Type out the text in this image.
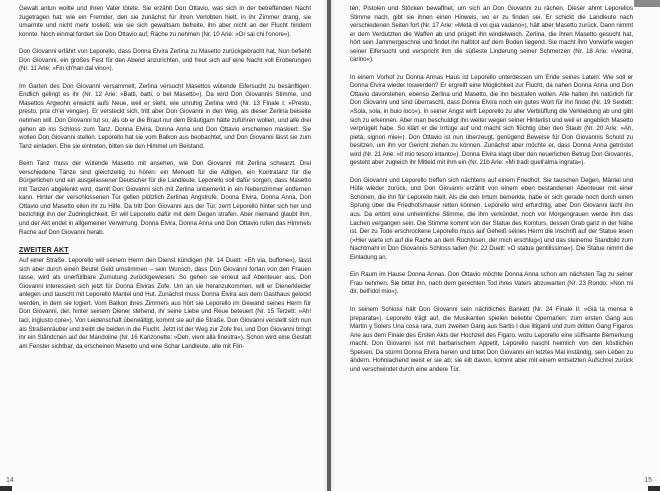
Gewalt antun wollte und ihren Vater tötete. Sie erzählt Don Ottavio, was sich in der betreffenden Nacht zugetragen hat: wie ein Fremder, den sie zunächst für ihren Verlobten hielt, in ihr Zimmer drang, sie umarmte und nicht mehr losließ; wie sie sich gewaltsam befreite, ihn aber nicht an der Flucht hindern konnte. Noch einmal fordert sie Don Ottavio auf, Rache zu nehmen (Nr. 10 Arie: »Or sai chi l'onore«).

Don Giovanni erfährt von Leporello, dass Donna Elvira Zerlina zu Masetto zurückgebracht hat. Nun befiehlt Don Giovanni, ein großes Fest für den Abend anzurichten, und freut sich auf eine Nacht voll Eroberungen (Nr. 11 Arie: »Fin ch'han dal vino«).

Im Garten des Don Giovanni versammelt; Zerlina versucht Masettos wütende Eifersucht zu besänftigen. Endlich gelingt es ihr (Nr. 12 Arie: »Batti, batti, o bel Masetto«). Da wird Don Giovannis Stimme, und Masettos Argwohn erwacht aufs Neue, weil er sieht, wie unruhig Zerlina wird (Nr. 13 Finale I: »Presto, presto, pria ch'ei venga«). Er versteckt sich, tritt aber Don Giovanni in den Weg, als dieser Zerlina beiseite nehmen will. Don Giovanni tut so, als ob er die Braut nur dem Bräutigam hätte zuführen wollen, und alle drei gehen ab ins Schloss zum Tanz. Donna Elvira, Donna Anna und Don Ottavio erscheinen maskiert. Sie wollen Don Giovanni stellen. Leporello hat sie vom Balkon aus beobachtet, und Don Giovanni lässt sie zum Tanz einladen. Ehe sie eintreten, bitten sie den Himmel um Beistand.

Beim Tanz muss der wütende Masetto mit ansehen, wie Don Giovanni mit Zerlina schwarzt. Drei verschiedene Tänze sind gleichzeitig zu hören: ein Menuett für die Adligen, ein Kontratanz für die Bürgerlichen und ein ausgelassener Deutscher für die Landleute. Leporello soll dafür sorgen, dass Masetto mit Tanzen abgelenkt wird, damit Don Giovanni sich mit Zerlina unbemerkt in ein Nebenzimmer entfernen kann. Hinter der verschlossenen Tür gellen plötzlich Zerlinas Angstrufe. Donna Elvira, Donna Anna, Don Ottavio und Masetto eilen ihr zu Hilfe. Da tritt Don Giovanni aus der Tür, zerrt Leporello hinter sich her und bezichtigt ihn der Zudringlichkeit. Er will Leporello dafür mit dem Degen strafen. Aber niemand glaubt ihm, und der Akt endet in allgemeiner Verwirrung. Donna Elvira, Donna Anna und Don Ottavio rufen das Himmels Rache auf Don Giovanni herab.

ZWEITER AKT

Auf einer Straße. Leporello will seinem Herrn den Dienst kündigen (Nr. 14 Duett: »Eh via, buffone«), lässt sich aber durch einen Beutel Geld umstimmen – sein Wunsch, dass Don Giovanni fortan von den Frauen lasse, wird als unerfüllbare Zumutung zurückgewiesen. So gehen sie erneut auf Abenteuer aus. Don Giovanni interessiert sich jetzt für Donna Elviras Zofe. Um an sie heranzukommen, will er Dienerkleider anlegen und tauscht mit Leporello Mantel und Hut. Zunächst muss Donna Elvira aus dem Gasthaus gelockt werden, in dem sie logiert. Vom Balkon ihres Zimmers aus hört sie Leporello im Gewand seines Herrn für Don Giovanni, der, hinter seinem Diener stehend, ihr seine Liebe und Reue beteuert (Nr. 15 Terzett: »Ah! taci, ingiusto core«). Von Leidenschaft überwältigt, kommt sie auf die Straße. Don Giovanni verstellt sich nun als Straßenräuber und treibt die beiden in die Flucht. Jetzt ist der Weg zur Zofe frei, und Don Giovanni bringt ihr ein Ständchen auf der Mandoline (Nr. 16 Kanzonette: »Deh, vieni alla finestra«). Schon wird eine Gestalt am Fenster sichtbar, da erscheinen Masetto und eine Schar Landleute, alle mit Flin-

14

ten, Pistolen und Stöcken bewaffnet, um sich an Don Giovanni zu rächen. Dieser ahmt Leporellos Stimme nach, gibt sie ihnen einen Hinweis, wo er zu finden sei. Er schickt die Landleute nach verschiedenen Seiten fort (Nr. 17 Arie: »Metà di voi qua vadano«), hält aber Masetto zurück. Dann nimmt er dem Verdutzten die Waffen ab und prügelt ihn windelweich. Zerlina, die ihren Masetto gesucht hat, hört sein Jammergeschrei und findet ihn halbtot auf dem Boden liegend. Sie macht ihm Vorwürfe wegen seiner Eifersucht und verspricht ihm die süßeste Linderung seiner Schmerzen (Nr. 18 Arie: »Vedrai, carino«).

In einem Vorhof zu Donna Annas Haus ist Leporello unterdessen um Ende seines Latein: Wie soll er Donna Elvira wieder loswerden? Er ergreift eine Möglichkeit zur Flucht, da nahen Donna Anna und Don Ottavio davorstehen, ebenso Zerlina und Masetto, die ihn bestrafen wollen. Alle halten ihn natürlich für Don Giovanni und sind überrascht, dass Donna Elvira noch ein gutes Wort für ihn findet (Nr. 19 Sextett: »Sola, sola, in buio loco«). In seiner Angst wirft Leporello zu aller Verblüffung die Verkleidung ab und gibt sich zu erkennen. Aber man beschuldigt ihn weiter wegen seiner Hinterlist und weil er angeblich Masetto verprügelt habe. So klärt er die Irrtüge auf und macht sich flüchtig über den Staub (Nr. 20 Arie: »Ah, pietà, signori miei«). Don Ottavio ist nun überzeugt, genügend Beweise für Don Giovannis Schuld zu besitzen, um ihn vor Gericht ziehen zu können. Zunächst aber möchte er, dass Donna Anna getröstet wird (Nr. 21 Arie: »Il mio tesoro intanto«). Donna Elvira klagt über den neuerlichen Betrug Don Giovannis, gesteht aber zugleich ihr Mitleid mit ihm ein (Nr. 21b Arie: »Mi tradì quell'alma ingrata«).

Don Giovanni und Leporello treffen sich nächtens auf einem Friedhof. Sie tauschen Degen, Mäntel und Hüte wieder zurück, und Don Giovanni erzählt von einem eben bestandenen Abenteuer mit einer Schönen, die ihn für Leporello hielt. Als die den Irrtum bemerkte, habe er sich gerade noch durch einen Sprung über die Friedhofsmauer retten können. Leporello wird erfurchtig, aber Don Giovanni lacht ihn aus. Da ertönt eine unheimliche Stimme, die ihm verkündet, noch vor Morgengrauen werde ihm das Lachen vergangen sein. Die Stimme kommt von der Statue des Komturs, dessen Grab ganz in der Nähe ist. Der zu Tode erschrockene Leporello muss auf Geheiß seines Herrn die Inschrift auf der Statue lesen (»Hier warte ich auf die Rache an dem Ruchlosen, der mich erschlug«) und das steinerne Standbild zum Nachtmahl in Don Giovannis Schloss laden (Nr. 22 Duett: »O statua gentilissima«). Die Statue nimmt die Einladung an.

Ein Raum im Hause Donna Annas. Don Ottavio möchte Donna Anna schon am nächsten Tag zu seiner Frau nehmen. Sie bittet ihn, nach dem gerechten Tod ihres Vaters abzuwarten (Nr. 23 Rondo: »Non mi dir, bell'idol mio«).

In seinem Schloss hält Don Giovanni sein nächtliches Bankett (Nr. 24 Finale II: »Già la mensa è preparata«). Leporello trägt auf, die Musikanten spielen beliebte Opernarien: zum ersten Gang aus Martín y Solers Una cosa rara, zum zweiten Gang aus Sartis I due litiganti und zum dritten Gang Figaros Arie aus dem Finale des Ersten Akts der Hochzeit des Figaro, wozu Leporello eine süffisante Bemerkung macht. Don Giovanni isst mit barbarischem Appetit, Leporello nascht heimlich von den köstlichen Speisen. Da stürmt Donna Elvira herein und bittet Don Giovanni ein letztes Mal inständig, sein Leben zu ändern. Hohnlachend weist er sie ab; sie eilt davon, kommt aber mit einem entsetzten Aufschrei zurück und verschwindet durch eine andere Tür.

15
